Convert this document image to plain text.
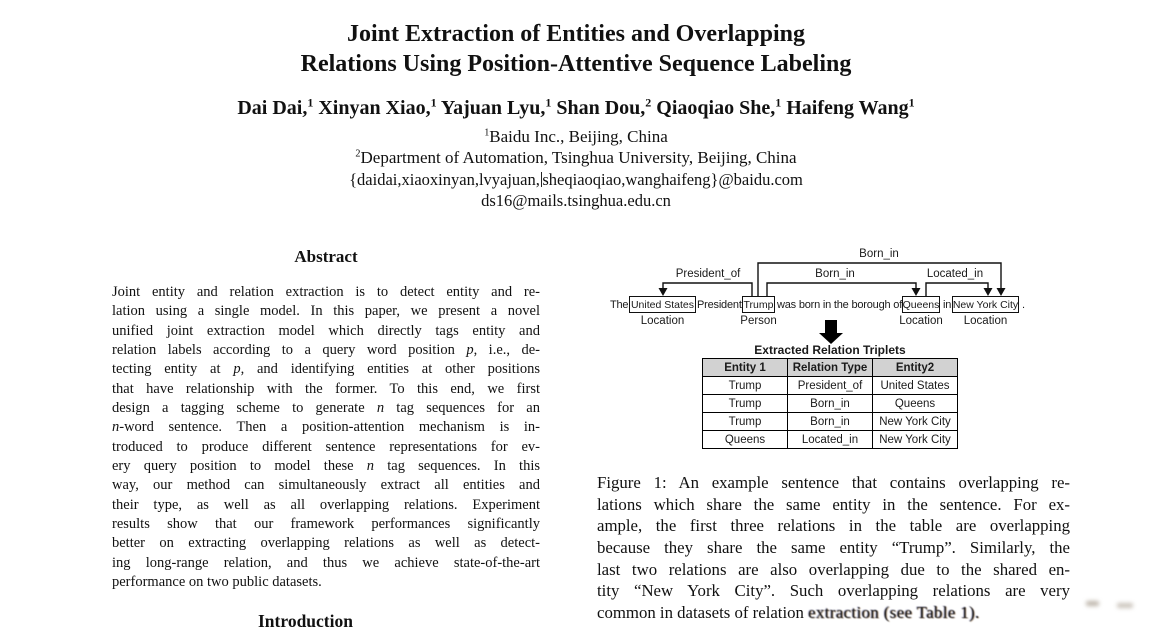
Joint Extraction of Entities and Overlapping
Relations Using Position-Attentive Sequence Labeling
Dai Dai,$^1$ Xinyan Xiao,$^1$ Yajuan Lyu,$^1$ Shan Dou,$^2$ Qiaoqiao She,$^1$ Haifeng Wang$^1$
$^1$Baidu Inc., Beijing, China
$^2$Department of Automation, Tsinghua University, Beijing, China
{daidai,xiaoxinyan,lvyajuan, sheqiaoqiao,wanghaifeng}@baidu.com
ds16@mails.tsinghua.edu.cn
Abstract
Joint entity and relation extraction is to detect entity and re-
lation using a single model. In this paper, we present a novel
unified joint extraction model which directly tags entity and
relation labels according to a query word position p, i.e., de-
tecting entity at p, and identifying entities at other positions
that have relationship with the former. To this end, we first
design a tagging scheme to generate n tag sequences for an
n-word sentence. Then a position-attention mechanism is in-
troduced to produce different sentence representations for ev-
ery query position to model these n tag sequences. In this
way, our method can simultaneously extract all entities and
their type, as well as all overlapping relations. Experiment
results show that our framework performances significantly
better on extracting overlapping relations as well as detect-
ing long-range relation, and thus we achieve state-of-the-art
performance on two public datasets.
Introduction
Born_in
President_of	Born_in	Located_in
The United States
Location
President Trump
Person
was born in the borough of Queens
Location
in New York City
Location
.
Extracted Relation Triplets
Entity 1	Relation Type	Entity2
Trump	President_of	United States
Trump	Born_in	Queens
Trump	Born_in	New York City
Queens	Located_in	New York City
Figure 1: An example sentence that contains overlapping re-
lations which share the same entity in the sentence. For ex-
ample, the first three relations in the table are overlapping
because they share the same entity “Trump”. Similarly, the
last two relations are also overlapping due to the shared en-
tity “New York City”. Such overlapping relations are very
common in datasets of relation extraction (see Table 1).
